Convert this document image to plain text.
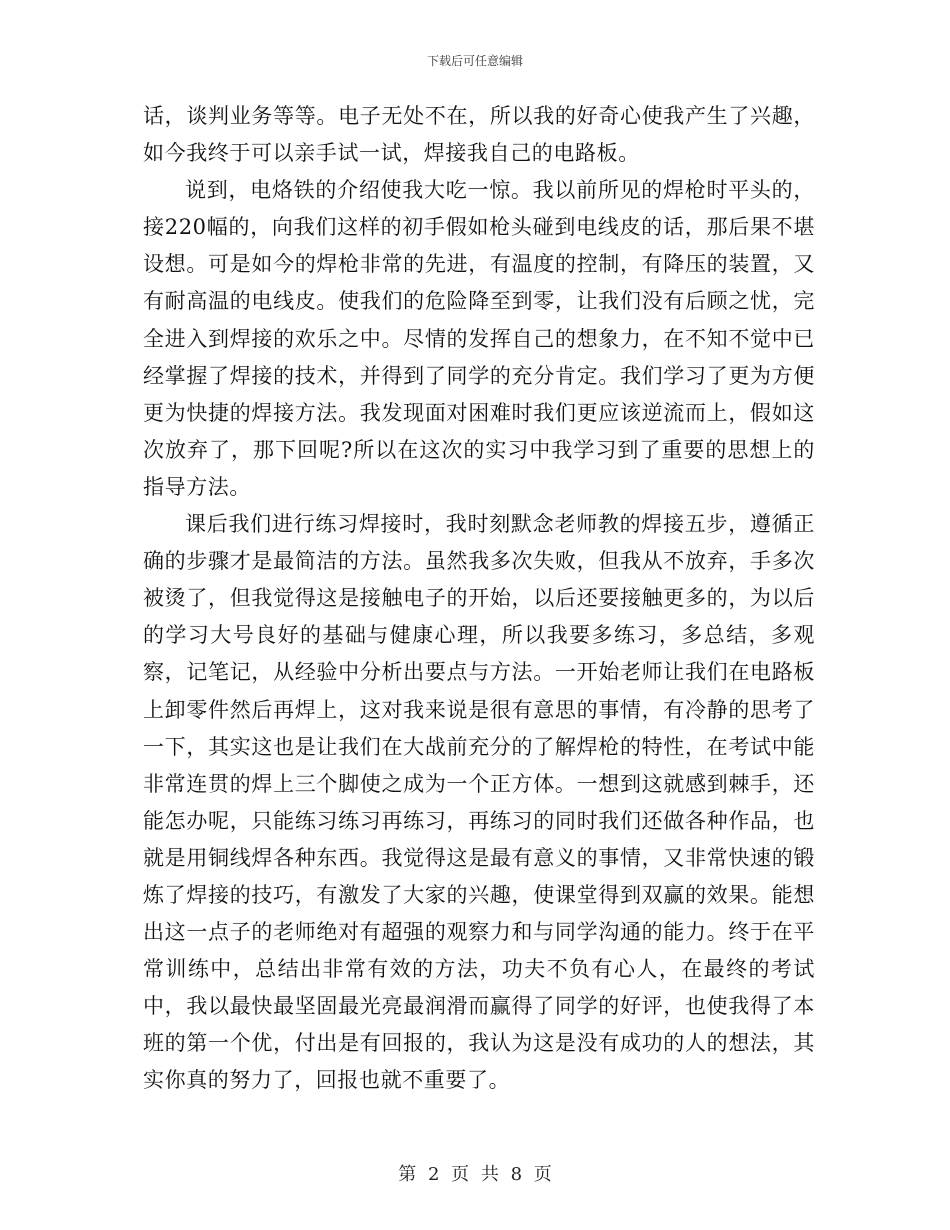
下载后可任意编辑

话，谈判业务等等。电子无处不在，所以我的好奇心使我产生了兴趣，如今我终于可以亲手试一试，焊接我自己的电路板。

说到，电烙铁的介绍使我大吃一惊。我以前所见的焊枪时平头的，接220幅的，向我们这样的初手假如枪头碰到电线皮的话，那后果不堪设想。可是如今的焊枪非常的先进，有温度的控制，有降压的装置，又有耐高温的电线皮。使我们的危险降至到零，让我们没有后顾之忧，完全进入到焊接的欢乐之中。尽情的发挥自己的想象力，在不知不觉中已经掌握了焊接的技术，并得到了同学的充分肯定。我们学习了更为方便更为快捷的焊接方法。我发现面对困难时我们更应该逆流而上，假如这次放弃了，那下回呢?所以在这次的实习中我学习到了重要的思想上的指导方法。

课后我们进行练习焊接时，我时刻默念老师教的焊接五步，遵循正确的步骤才是最简洁的方法。虽然我多次失败，但我从不放弃，手多次被烫了，但我觉得这是接触电子的开始，以后还要接触更多的，为以后的学习大号良好的基础与健康心理，所以我要多练习，多总结，多观察，记笔记，从经验中分析出要点与方法。一开始老师让我们在电路板上卸零件然后再焊上，这对我来说是很有意思的事情，有冷静的思考了一下，其实这也是让我们在大战前充分的了解焊枪的特性，在考试中能非常连贯的焊上三个脚使之成为一个正方体。一想到这就感到棘手，还能怎办呢，只能练习练习再练习，再练习的同时我们还做各种作品，也就是用铜线焊各种东西。我觉得这是最有意义的事情，又非常快速的锻炼了焊接的技巧，有激发了大家的兴趣，使课堂得到双赢的效果。能想出这一点子的老师绝对有超强的观察力和与同学沟通的能力。终于在平常训练中，总结出非常有效的方法，功夫不负有心人，在最终的考试中，我以最快最坚固最光亮最润滑而赢得了同学的好评，也使我得了本班的第一个优，付出是有回报的，我认为这是没有成功的人的想法，其实你真的努力了，回报也就不重要了。

第 2 页 共 8 页
